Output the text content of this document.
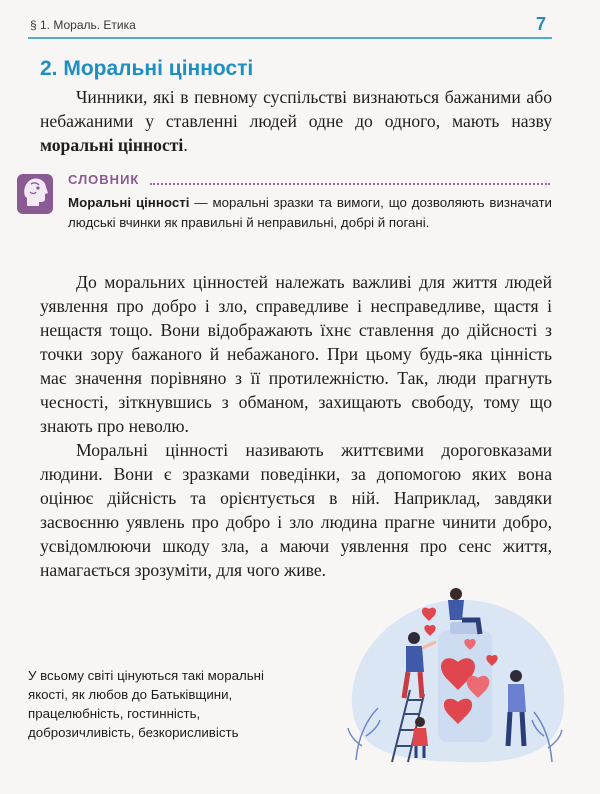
§ 1. Мораль. Етика	7
2. Моральні цінності

Чинники, які в певному суспільстві визнаються бажаними або небажаними у ставленні людей одне до одного, мають назву моральні цінності.

СЛОВНИК

Моральні цінності — моральні зразки та вимоги, що дозволяють визначати людські вчинки як правильні й неправильні, добрі й погані.

До моральних цінностей належать важливі для життя людей уявлення про добро і зло, справедливе і несправедливе, щастя і нещастя тощо. Вони відображають їхнє ставлення до дійсності з точки зору бажаного й небажаного. При цьому будь-яка цінність має значення порівняно з її протилежністю. Так, люди прагнуть чесності, зіткнувшись з обманом, захищають свободу, тому що знають про неволю.

Моральні цінності називають життєвими дороговказами людини. Вони є зразками поведінки, за допомогою яких вона оцінює дійсність та орієнтується в ній. Наприклад, завдяки засвоєнню уявлень про добро і зло людина прагне чинити добро, усвідомлюючи шкоду зла, а маючи уявлення про сенс життя, намагається зрозуміти, для чого живе.

У всьому світі цінуються такі моральні якості, як любов до Батьківщини, працелюбність, гостинність, доброзичливість, безкорисливість
